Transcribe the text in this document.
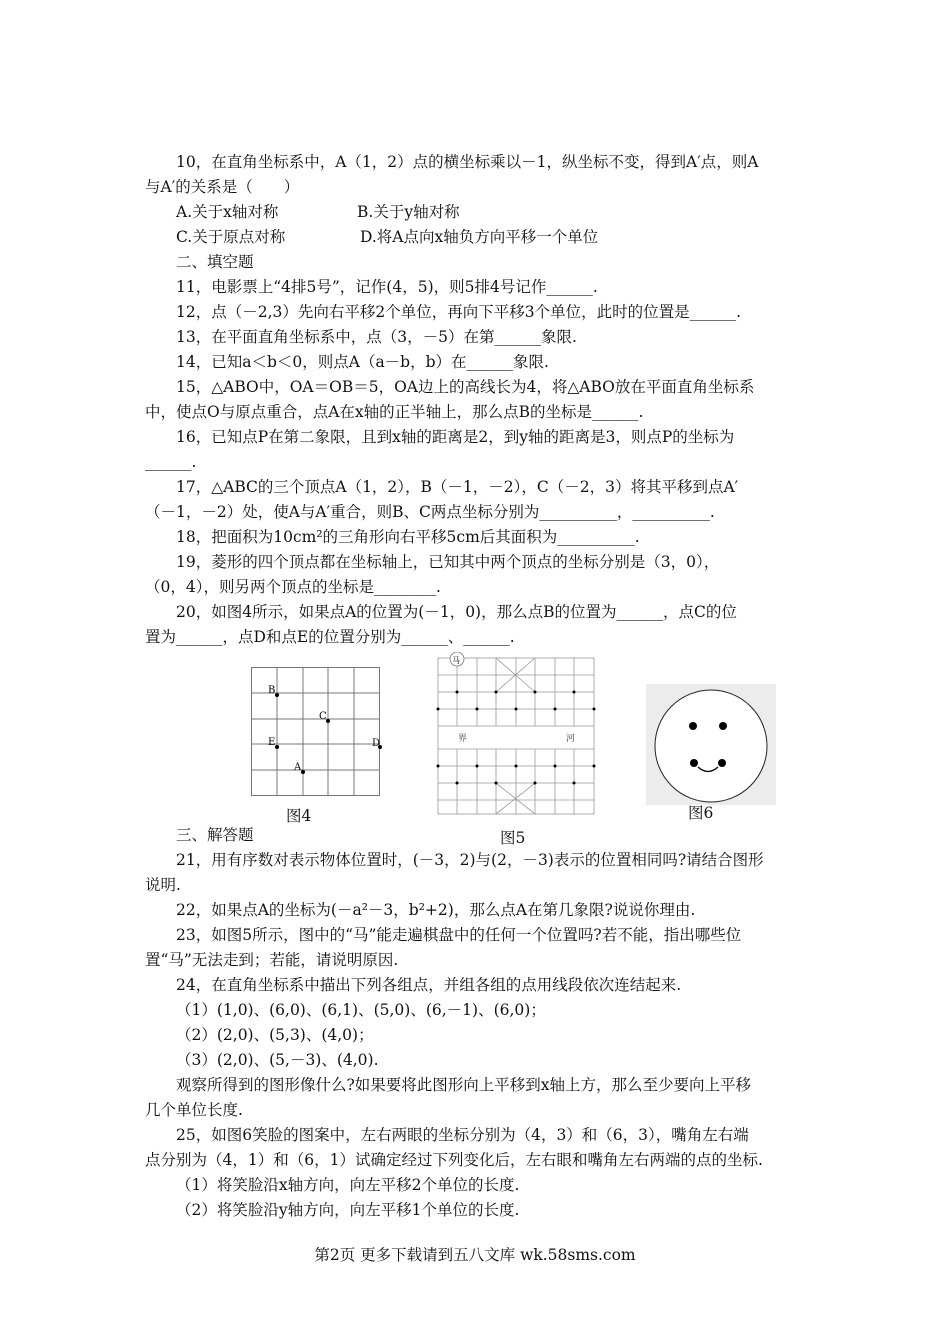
10，在直角坐标系中，A（1，2）点的横坐标乘以－1，纵坐标不变，得到A′点，则A
与A′的关系是（　　）
A.关于x轴对称	B.关于y轴对称
C.关于原点对称	D.将A点向x轴负方向平移一个单位
二、填空题
11，电影票上“4排5号”，记作(4，5)，则5排4号记作______.
12，点（－2,3）先向右平移2个单位，再向下平移3个单位，此时的位置是______.
13，在平面直角坐标系中，点（3，－5）在第______象限.
14，已知a＜b＜0，则点A（a－b，b）在______象限.
15，△ABO中，OA＝OB＝5，OA边上的高线长为4，将△ABO放在平面直角坐标系
中，使点O与原点重合，点A在x轴的正半轴上，那么点B的坐标是______.
16，已知点P在第二象限，且到x轴的距离是2，到y轴的距离是3，则点P的坐标为
______.
17，△ABC的三个顶点A（1，2），B（－1，－2），C（－2，3）将其平移到点A′
（－1，－2）处，使A与A′重合，则B、C两点坐标分别为__________，__________.
18，把面积为10cm²的三角形向右平移5cm后其面积为__________.
19，菱形的四个顶点都在坐标轴上，已知其中两个顶点的坐标分别是（3，0），
（0，4），则另两个顶点的坐标是________.
20，如图4所示，如果点A的位置为(－1，0)，那么点B的位置为______，点C的位
置为______，点D和点E的位置分别为______、______.
B
C
E	D
A
图4
马
界	河
图5
图6
三、解答题
21，用有序数对表示物体位置时，(－3，2)与(2，－3)表示的位置相同吗?请结合图形
说明.
22，如果点A的坐标为(－a²－3，b²+2)，那么点A在第几象限?说说你理由.
23，如图5所示，图中的“马”能走遍棋盘中的任何一个位置吗?若不能，指出哪些位
置“马”无法走到；若能，请说明原因.
24，在直角坐标系中描出下列各组点，并组各组的点用线段依次连结起来.
（1）(1,0)、(6,0)、(6,1)、(5,0)、(6,－1)、(6,0)；
（2）(2,0)、(5,3)、(4,0)；
（3）(2,0)、(5,－3)、(4,0).
观察所得到的图形像什么?如果要将此图形向上平移到x轴上方，那么至少要向上平移
几个单位长度.
25，如图6笑脸的图案中，左右两眼的坐标分别为（4，3）和（6，3），嘴角左右端
点分别为（4，1）和（6，1）试确定经过下列变化后，左右眼和嘴角左右两端的点的坐标.
（1）将笑脸沿x轴方向，向左平移2个单位的长度.
（2）将笑脸沿y轴方向，向左平移1个单位的长度.
第2页 更多下载请到五八文库 wk.58sms.com
